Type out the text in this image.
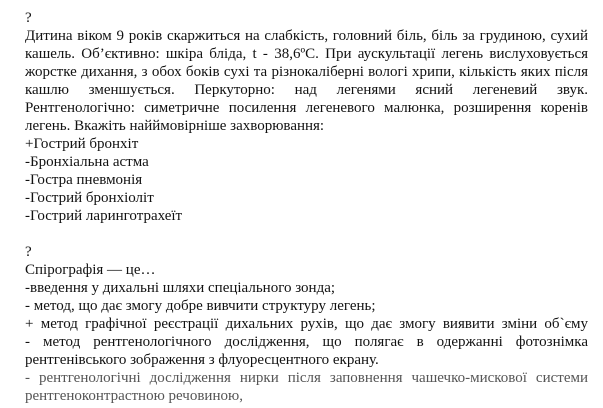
?
Дитина віком 9 років скаржиться на слабкість, головний біль, біль за грудиною, сухий
кашель. Об’єктивно: шкіра бліда, t - 38,6ºС. При аускультації легень вислуховується
жорстке дихання, з обох боків сухі та різнокаліберні вологі хрипи, кількість яких після
кашлю зменшується. Перкуторно: над легенями ясний легеневий звук.
Рентгенологічно: симетричне посилення легеневого малюнка, розширення коренів
легень. Вкажіть найймовірніше захворювання:
+Гострий бронхіт
-Бронхіальна астма
-Гостра пневмонія
-Гострий бронхіоліт
-Гострий ларинготрахеїт
?
Спірографія — це…
-введення у дихальні шляхи спеціального зонда;
- метод, що дає змогу добре вивчити структуру легень;
+ метод графічної реєстрації дихальних рухів, що дає змогу виявити зміни об`єму
- метод рентгенологічного дослідження, що полягає в одержанні фотознімка
рентгенівського зображення з флуоресцентного екрану.
- рентгенологічні дослідження нирки після заповнення чашечко-мискової системи
рентгеноконтрастною речовиною,
